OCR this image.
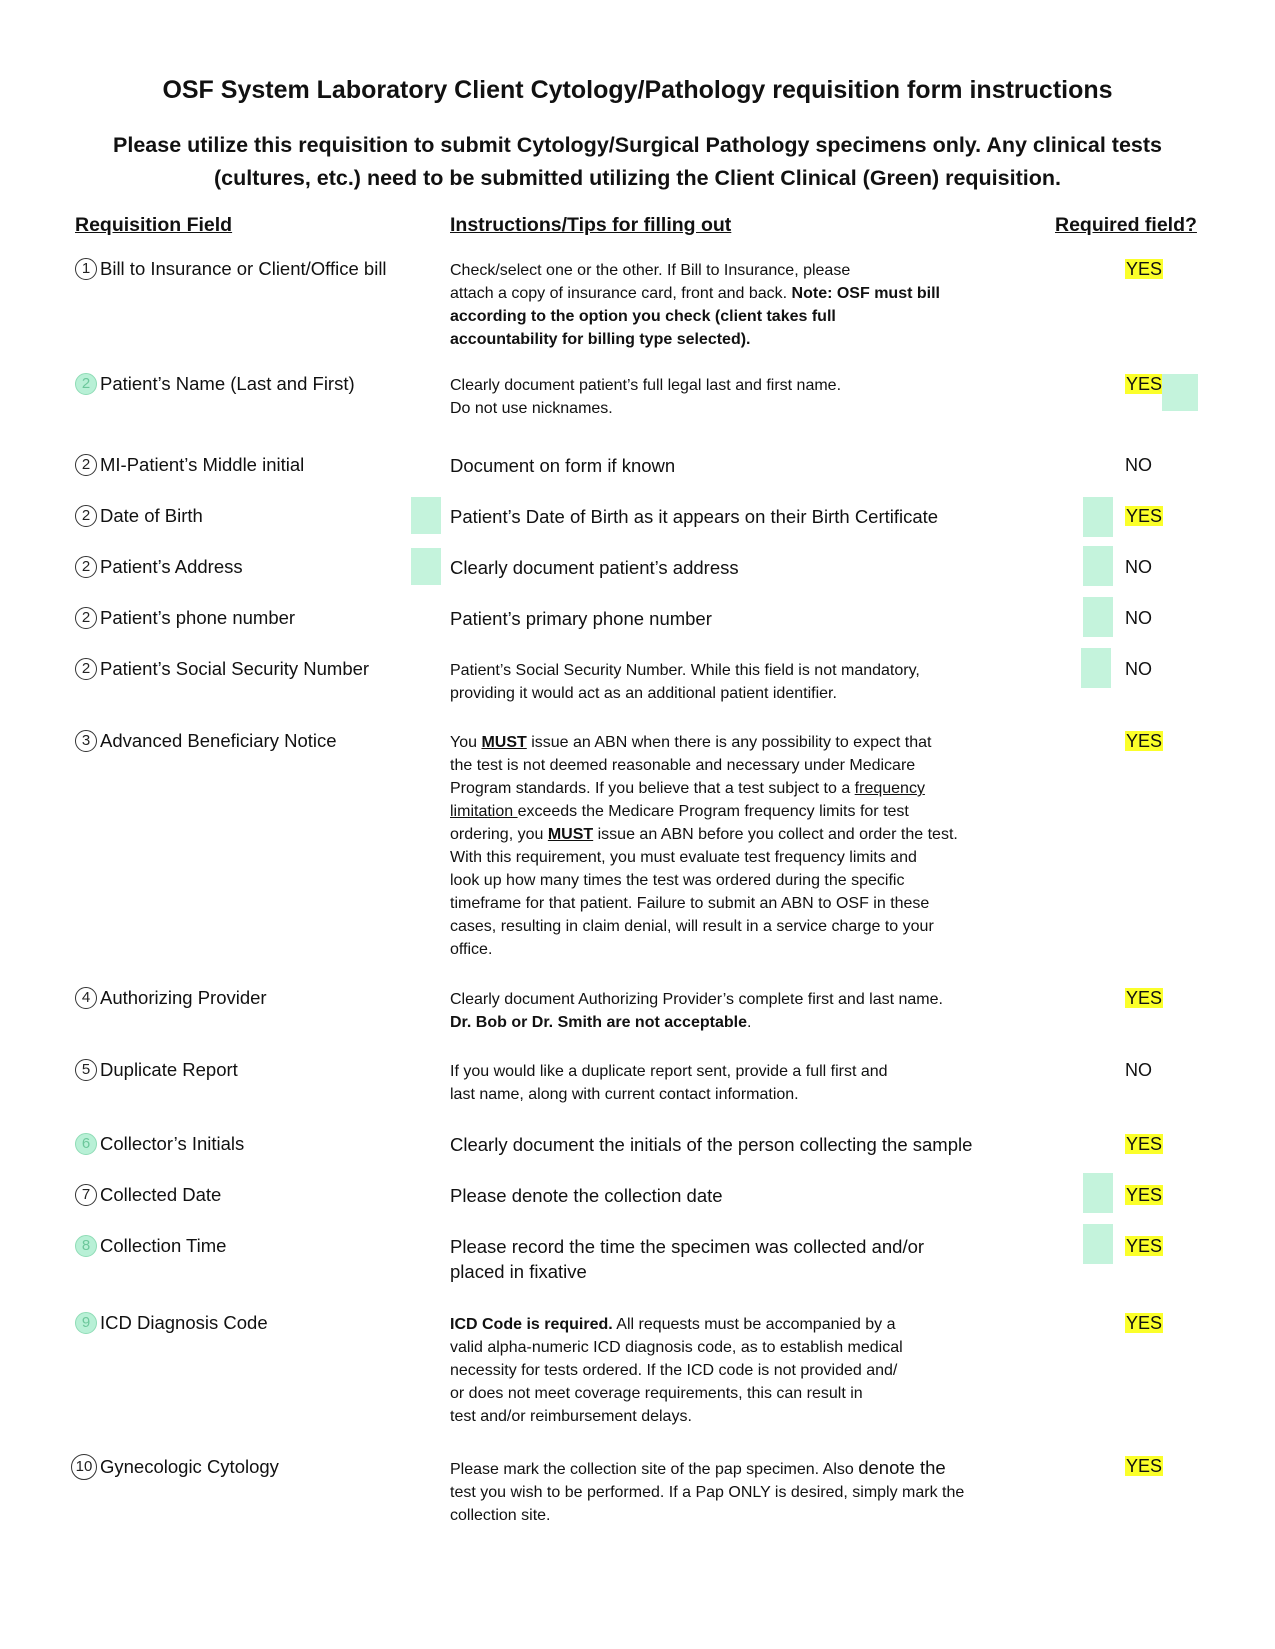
OSF System Laboratory Client Cytology/Pathology requisition form instructions
Please utilize this requisition to submit Cytology/Surgical Pathology specimens only. Any clinical tests
(cultures, etc.) need to be submitted utilizing the Client Clinical (Green) requisition.
Requisition Field	Instructions/Tips for filling out	Required field?
1 Bill to Insurance or Client/Office bill	Check/select one or the other. If Bill to Insurance, please
attach a copy of insurance card, front and back. Note: OSF must bill
according to the option you check (client takes full
accountability for billing type selected).
YES
2 Patient’s Name (Last and First)	Clearly document patient’s full legal last and first name.
Do not use nicknames.
YES
2 MI-Patient’s Middle initial	Document on form if known	NO
2 Date of Birth	Patient’s Date of Birth as it appears on their Birth Certificate	YES
2 Patient’s Address	Clearly document patient’s address	NO
2 Patient’s phone number	Patient’s primary phone number	NO
2 Patient’s Social Security Number	Patient’s Social Security Number. While this field is not mandatory,
providing it would act as an additional patient identifier.
NO
3 Advanced Beneficiary Notice	You MUST issue an ABN when there is any possibility to expect that
the test is not deemed reasonable and necessary under Medicare
Program standards. If you believe that a test subject to a frequency
limitation exceeds the Medicare Program frequency limits for test
ordering, you MUST issue an ABN before you collect and order the test.
With this requirement, you must evaluate test frequency limits and
look up how many times the test was ordered during the specific
timeframe for that patient. Failure to submit an ABN to OSF in these
cases, resulting in claim denial, will result in a service charge to your
office.
YES
4 Authorizing Provider	Clearly document Authorizing Provider’s complete first and last name.
Dr. Bob or Dr. Smith are not acceptable.
YES
5 Duplicate Report	If you would like a duplicate report sent, provide a full first and
last name, along with current contact information.
NO
6 Collector’s Initials	Clearly document the initials of the person collecting the sample	YES
7 Collected Date	Please denote the collection date	YES
8 Collection Time	Please record the time the specimen was collected and/or
placed in fixative
YES
9 ICD Diagnosis Code	ICD Code is required. All requests must be accompanied by a
valid alpha-numeric ICD diagnosis code, as to establish medical
necessity for tests ordered. If the ICD code is not provided and/
or does not meet coverage requirements, this can result in
test and/or reimbursement delays.
YES
10 Gynecologic Cytology	Please mark the collection site of the pap specimen. Also denote the
test you wish to be performed. If a Pap ONLY is desired, simply mark the
collection site.
YES
